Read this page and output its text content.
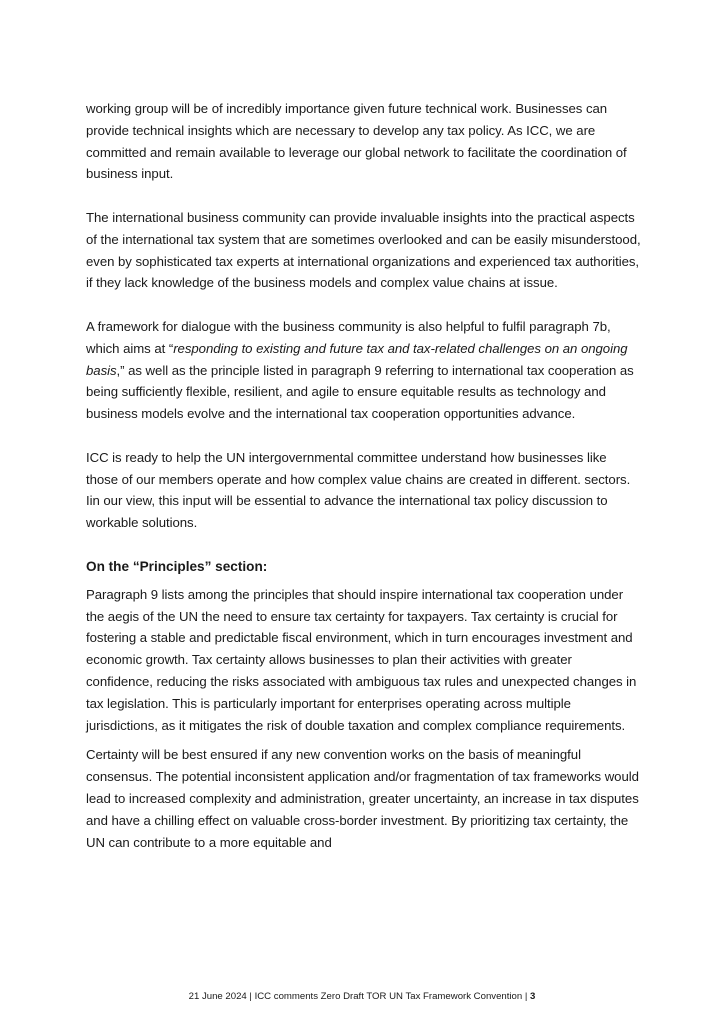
working group will be of incredibly importance given future technical work. Businesses can provide technical insights which are necessary to develop any tax policy. As ICC, we are committed and remain available to leverage our global network to facilitate the coordination of business input.

The international business community can provide invaluable insights into the practical aspects of the international tax system that are sometimes overlooked and can be easily misunderstood, even by sophisticated tax experts at international organizations and experienced tax authorities, if they lack knowledge of the business models and complex value chains at issue.

A framework for dialogue with the business community is also helpful to fulfil paragraph 7b, which aims at “responding to existing and future tax and tax-related challenges on an ongoing basis,” as well as the principle listed in paragraph 9 referring to international tax cooperation as being sufficiently flexible, resilient, and agile to ensure equitable results as technology and business models evolve and the international tax cooperation opportunities advance.

ICC is ready to help the UN intergovernmental committee understand how businesses like those of our members operate and how complex value chains are created in different. sectors. Iin our view, this input will be essential to advance the international tax policy discussion to workable solutions.

On the “Principles” section:

Paragraph 9 lists among the principles that should inspire international tax cooperation under the aegis of the UN the need to ensure tax certainty for taxpayers. Tax certainty is crucial for fostering a stable and predictable fiscal environment, which in turn encourages investment and economic growth. Tax certainty allows businesses to plan their activities with greater confidence, reducing the risks associated with ambiguous tax rules and unexpected changes in tax legislation. This is particularly important for enterprises operating across multiple jurisdictions, as it mitigates the risk of double taxation and complex compliance requirements.

Certainty will be best ensured if any new convention works on the basis of meaningful consensus. The potential inconsistent application and/or fragmentation of tax frameworks would lead to increased complexity and administration, greater uncertainty, an increase in tax disputes and have a chilling effect on valuable cross-border investment. By prioritizing tax certainty, the UN can contribute to a more equitable and

21 June 2024 | ICC comments Zero Draft TOR UN Tax Framework Convention | 3
